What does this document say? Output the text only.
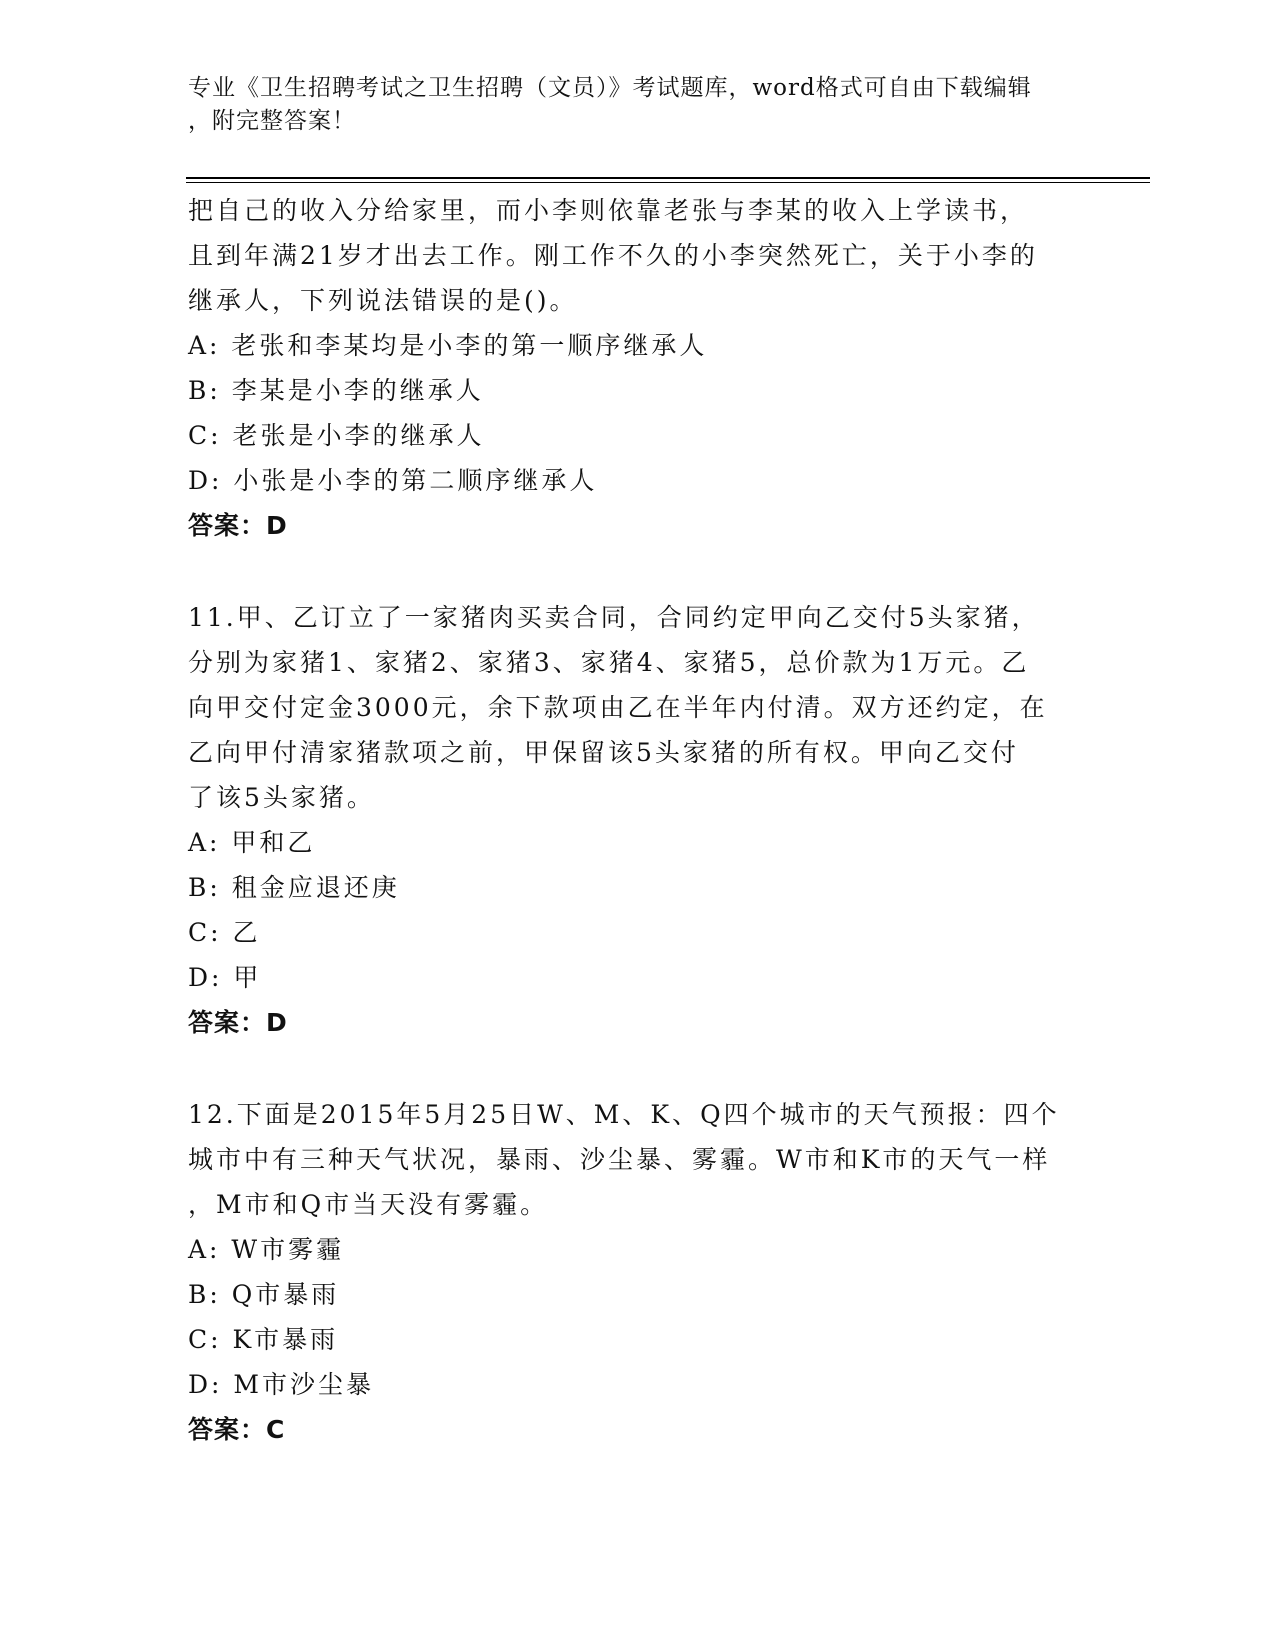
专业《卫生招聘考试之卫生招聘（文员）》考试题库，word格式可自由下载编辑
，附完整答案！
把自己的收入分给家里，而小李则依靠老张与李某的收入上学读书，
且到年满21岁才出去工作。刚工作不久的小李突然死亡，关于小李的
继承人，下列说法错误的是()。
A: 老张和李某均是小李的第一顺序继承人
B: 李某是小李的继承人
C: 老张是小李的继承人
D: 小张是小李的第二顺序继承人
答案：D
11.甲、乙订立了一家猪肉买卖合同，合同约定甲向乙交付5头家猪，
分别为家猪1、家猪2、家猪3、家猪4、家猪5，总价款为1万元。乙
向甲交付定金3000元，余下款项由乙在半年内付清。双方还约定，在
乙向甲付清家猪款项之前，甲保留该5头家猪的所有权。甲向乙交付
了该5头家猪。
A: 甲和乙
B: 租金应退还庚
C: 乙
D: 甲
答案：D
12.下面是2015年5月25日W、M、K、Q四个城市的天气预报：四个
城市中有三种天气状况，暴雨、沙尘暴、雾霾。W市和K市的天气一样
，M市和Q市当天没有雾霾。
A: W市雾霾
B: Q市暴雨
C: K市暴雨
D: M市沙尘暴
答案：C
